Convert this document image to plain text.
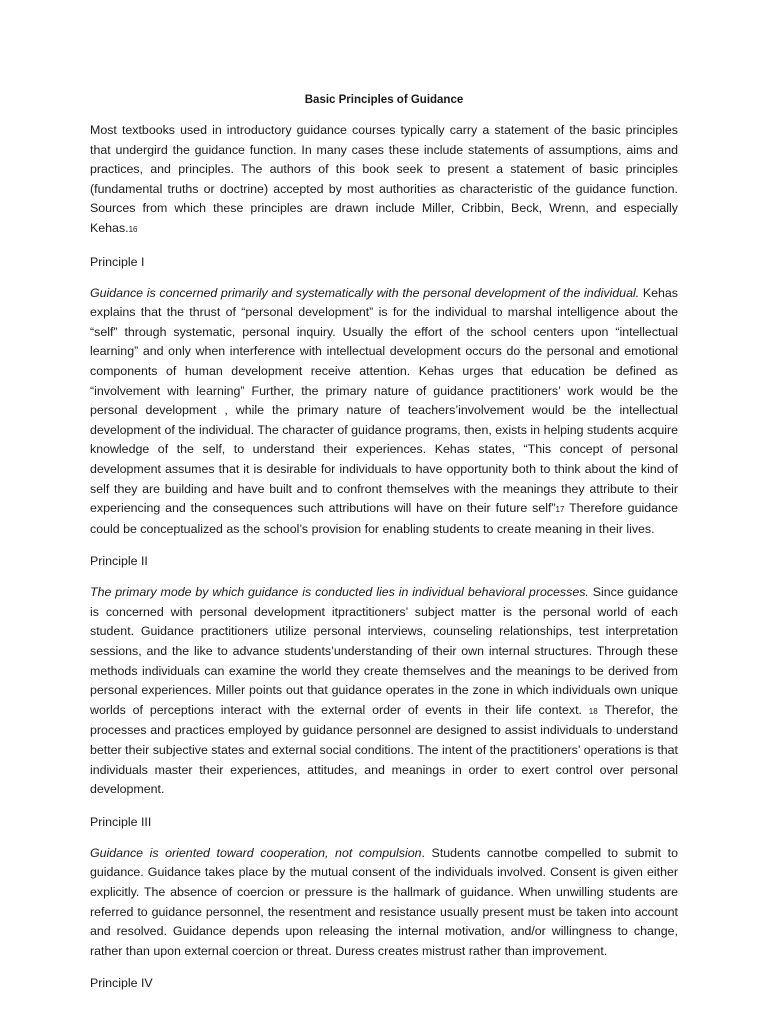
Basic Principles of Guidance

Most textbooks used in introductory guidance courses typically carry a statement of the basic principles that undergird the guidance function. In many cases these include statements of assumptions, aims and practices, and principles. The authors of this book seek to present a statement of basic principles (fundamental truths or doctrine) accepted by most authorities as characteristic of the guidance function. Sources from which these principles are drawn include Miller, Cribbin, Beck, Wrenn, and especially Kehas.16

Principle I

Guidance is concerned primarily and systematically with the personal development of the individual. Kehas explains that the thrust of “personal development” is for the individual to marshal intelligence about the “self” through systematic, personal inquiry. Usually the effort of the school centers upon “intellectual learning” and only when interference with intellectual development occurs do the personal and emotional components of human development receive attention. Kehas urges that education be defined as “involvement with learning” Further, the primary nature of guidance practitioners’ work would be the personal development , while the primary nature of teachers’involvement would be the intellectual development of the individual. The character of guidance programs, then, exists in helping students acquire knowledge of the self, to understand their experiences. Kehas states, “This concept of personal development assumes that it is desirable for individuals to have opportunity both to think about the kind of self they are building and have built and to confront themselves with the meanings they attribute to their experiencing and the consequences such attributions will have on their future self”17 Therefore guidance could be conceptualized as the school’s provision for enabling students to create meaning in their lives.

Principle II

The primary mode by which guidance is conducted lies in individual behavioral processes. Since guidance is concerned with personal development itpractitioners’ subject matter is the personal world of each student. Guidance practitioners utilize personal interviews, counseling relationships, test interpretation sessions, and the like to advance students’understanding of their own internal structures. Through these methods individuals can examine the world they create themselves and the meanings to be derived from personal experiences. Miller points out that guidance operates in the zone in which individuals own unique worlds of perceptions interact with the external order of events in their life context. 18 Therefor, the processes and practices employed by guidance personnel are designed to assist individuals to understand better their subjective states and external social conditions. The intent of the practitioners’ operations is that individuals master their experiences, attitudes, and meanings in order to exert control over personal development.

Principle III

Guidance is oriented toward cooperation, not compulsion. Students cannotbe compelled to submit to guidance. Guidance takes place by the mutual consent of the individuals involved. Consent is given either explicitly. The absence of coercion or pressure is the hallmark of guidance. When unwilling students are referred to guidance personnel, the resentment and resistance usually present must be taken into account and resolved. Guidance depends upon releasing the internal motivation, and/or willingness to change, rather than upon external coercion or threat. Duress creates mistrust rather than improvement.

Principle IV
